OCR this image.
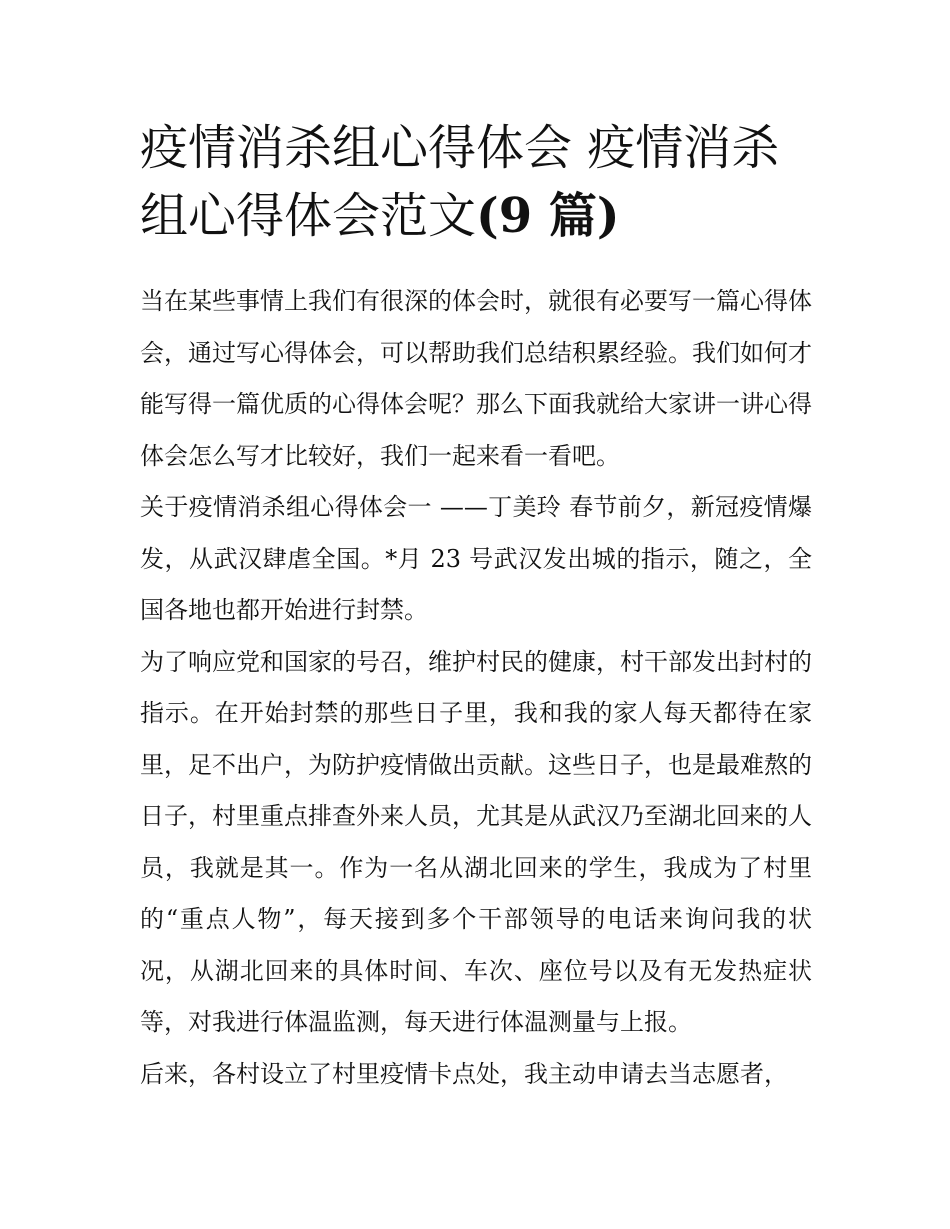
疫情消杀组心得体会 疫情消杀组心得体会范文(9 篇)

当在某些事情上我们有很深的体会时，就很有必要写一篇心得体会，通过写心得体会，可以帮助我们总结积累经验。我们如何才能写得一篇优质的心得体会呢？那么下面我就给大家讲一讲心得体会怎么写才比较好，我们一起来看一看吧。

关于疫情消杀组心得体会一 ——丁美玲 春节前夕，新冠疫情爆发，从武汉肆虐全国。*月 23 号武汉发出城的指示，随之，全国各地也都开始进行封禁。

为了响应党和国家的号召，维护村民的健康，村干部发出封村的指示。在开始封禁的那些日子里，我和我的家人每天都待在家里，足不出户，为防护疫情做出贡献。这些日子，也是最难熬的日子，村里重点排查外来人员，尤其是从武汉乃至湖北回来的人员，我就是其一。作为一名从湖北回来的学生，我成为了村里的“重点人物”，每天接到多个干部领导的电话来询问我的状况，从湖北回来的具体时间、车次、座位号以及有无发热症状等，对我进行体温监测，每天进行体温测量与上报。

后来，各村设立了村里疫情卡点处，我主动申请去当志愿者，
